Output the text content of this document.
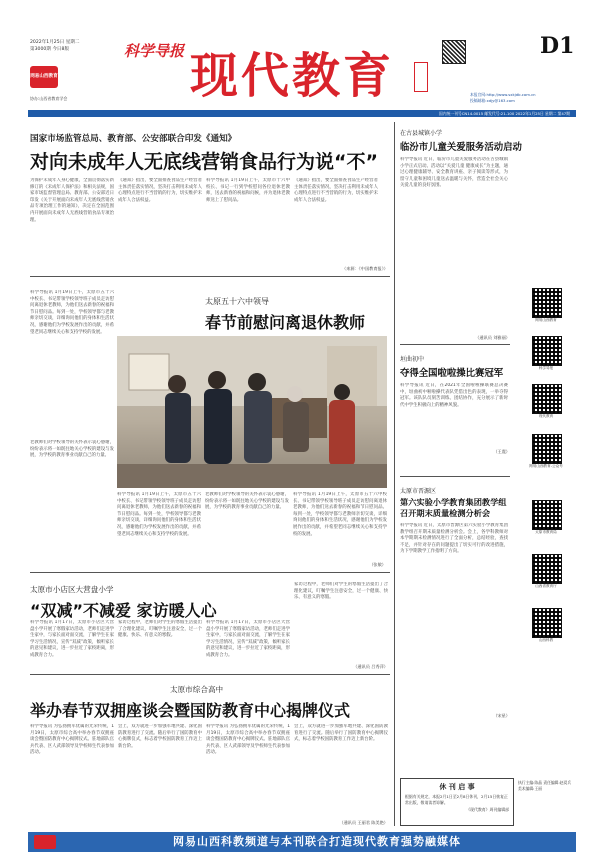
2022年1月25日 星期二
第3000期 今日8版
网易山西教育
协办:山西省教育学会
科学导报 现代教育	本报官网:http://www.sxkjdb.com.cn
投稿邮箱:xdjy@163.com
D1
国内统一刊号CN14-0015 邮发代号:21-100 2022年1月25日 星期二 第47期
国家市场监管总局、教育部、公安部联合印发《通知》
对向未成年人无底线营销食品行为说“不”
为保护未成年人身心健康，全面贯彻落实新修订的《未成年人保护法》和相关法规，国家市场监督管理总局、教育部、公安部近日印发《关于开展面向未成年人无底线营销食品专项治理工作的通知》，决定在全国范围内开展面向未成年人无底线营销食品专项治理。
《通知》指出，要全面排查食品生产经营者主体责任落实情况，坚决打击利用未成年人心理特点进行不当营销的行为，切实维护未成年人合法权益。
科学导报讯 1月19日上午，太原市十六中校长、书记一行到学校慰问各位退休老教师，送去新春的祝福和问候，并为退休老教师送上了慰问品。
《通知》指出，要全面排查食品生产经营者主体责任落实情况，坚决打击利用未成年人心理特点进行不当营销的行为，切实维护未成年人合法权益。
（来源：《中国教育报》）
科学导报讯 1月19日上午，太原市五十六中校长、书记带领学校领导班子成员走访慰问离退休老教师，为他们送去新春的祝福和节日慰问品。每到一处，学校领导都与老教师亲切交谈，详细询问他们的身体和生活状况，感谢他们为学校发展作出的贡献，并希望老同志继续关心和支持学校的发展。
老教师们对学校领导的关怀表示衷心感谢，纷纷表示将一如既往地关心学校的建设与发展，为学校的教育事业贡献自己的力量。
太原五十六中领导
春节前慰问离退休教师
科学导报讯 1月19日上午，太原市五十六中校长、书记带领学校领导班子成员走访慰问离退休老教师，为他们送去新春的祝福和节日慰问品。每到一处，学校领导都与老教师亲切交谈，详细询问他们的身体和生活状况，感谢他们为学校发展作出的贡献，并希望老同志继续关心和支持学校的发展。
老教师们对学校领导的关怀表示衷心感谢，纷纷表示将一如既往地关心学校的建设与发展，为学校的教育事业贡献自己的力量。
科学导报讯 1月19日上午，太原市五十六中校长、书记带领学校领导班子成员走访慰问离退休老教师，为他们送去新春的祝福和节日慰问品。每到一处，学校领导都与老教师亲切交谈，详细询问他们的身体和生活状况，感谢他们为学校发展作出的贡献，并希望老同志继续关心和支持学校的发展。
（张敏）
太原市小店区大营盘小学
“双减”不减爱 家访暖人心
科学导报讯 1月17日，太原市小店区大营盘小学开展了寒假家访活动，老师们走进学生家中，与家长面对面交流，了解学生在家学习生活情况，宣传“双减”政策，倾听家长的意见和建议，进一步拉近了家校距离，形成教育合力。
家访过程中，老师们对学生的寒假生活提出了合理化建议，叮嘱学生注意安全，过一个健康、快乐、有意义的寒假。
科学导报讯 1月17日，太原市小店区大营盘小学开展了寒假家访活动，老师们走进学生家中，与家长面对面交流，了解学生在家学习生活情况，宣传“双减”政策，倾听家长的意见和建议，进一步拉近了家校距离，形成教育合力。
家访过程中，老师们对学生的寒假生活提出了合理化建议，叮嘱学生注意安全，过一个健康、快乐、有意义的寒假。
（通讯员 吕秀萍）
太原市综合高中
举办春节双拥座谈会暨国防教育中心揭牌仪式
科学导报讯 为弘扬拥军优属的光荣传统，1月19日，太原市综合高中举办春节双拥座谈会暨国防教育中心揭牌仪式。驻地部队官兵代表、区人武部领导及学校师生代表参加活动。
会上，双方就进一步加强军地共建、深化国防教育进行了交流。随后举行了国防教育中心揭牌仪式，标志着学校国防教育工作迈上新台阶。
科学导报讯 为弘扬拥军优属的光荣传统，1月19日，太原市综合高中举办春节双拥座谈会暨国防教育中心揭牌仪式。驻地部队官兵代表、区人武部领导及学校师生代表参加活动。
会上，双方就进一步加强军地共建、深化国防教育进行了交流。随后举行了国防教育中心揭牌仪式，标志着学校国防教育工作迈上新台阶。
（通讯员 王丽君 陈美艳）
在古县城镇小学
临汾市儿童关爱服务活动启动
科学导报讯 近日，临汾市儿童关爱服务活动在古县城镇小学正式启动。活动以“关爱儿童 健康成长”为主题，通过心理健康辅导、安全教育讲座、亲子阅读等形式，为留守儿童和困境儿童送去温暖与关怀，营造全社会关心关爱儿童的良好氛围。
（通讯员 刘雅丽）
垣曲初中
夺得全国啦啦操比赛冠军
科学导报讯 近日，在2021年全国啦啦操联赛总决赛中，垣曲初中啦啦操代表队凭借出色的表现，一举夺得冠军。该队队员刻苦训练、团结协作，充分展示了新时代中学生积极向上的精神风貌。
（王震）
太原市晋源区
第六实验小学教育集团教学组召开期末质量检测分析会
科学导报讯 近日，太原市晋源区第六实验小学教育集团教学组召开期末质量检测分析会。会上，各学科教师对本学期期末检测情况进行了全面分析，总结经验，查找不足，并针对存在的问题提出了切实可行的改进措施，为下学期教学工作指明了方向。
（宋星）
休 刊 启 事
根据有关规定，本报2月1日至2月8日休刊，2月15日恢复正常出版，敬请读者谅解。
《现代教育》周刊编辑部
网易山西教育
科学导报
现代教育
网易山西教育-公众号
太原市教育局
山西省教育厅
山西科教
执行主编:陈晶 责任编辑:赵爱兵 美术编辑:王丽
网易山西科教频道与本刊联合打造现代教育强势融媒体
